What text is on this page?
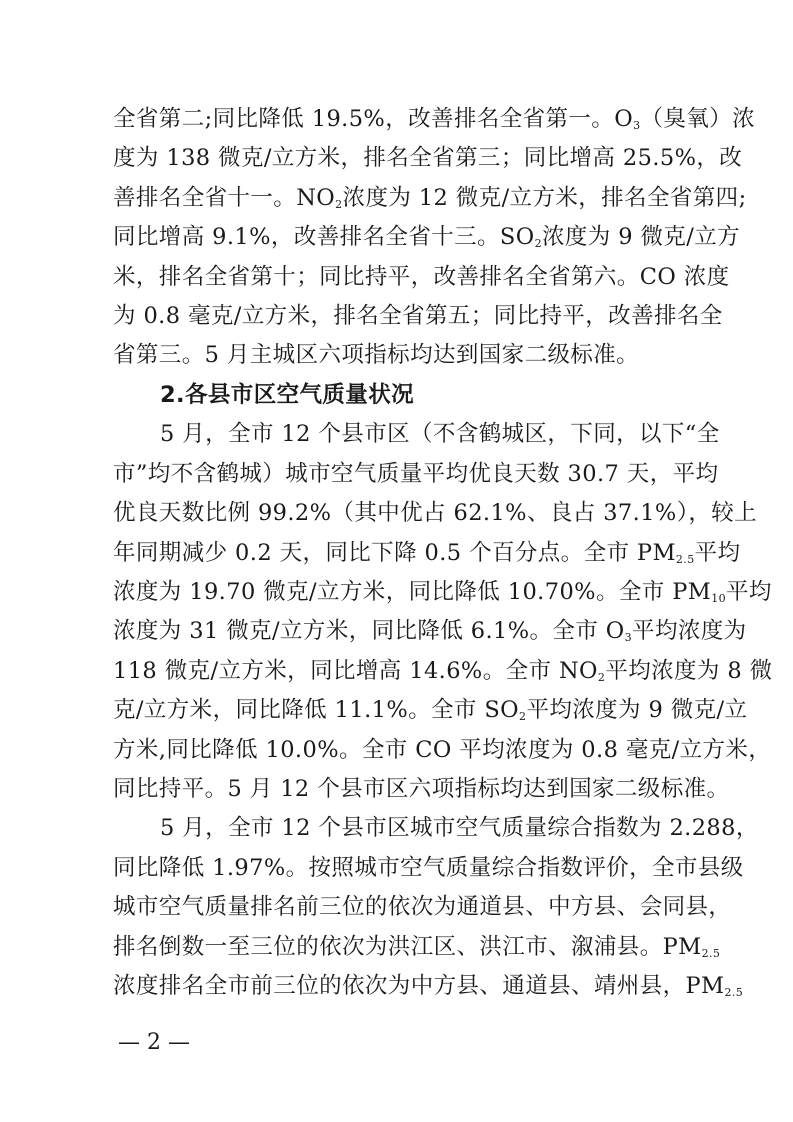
全省第二;同比降低 19.5%，改善排名全省第一。$O_3$（臭氧）浓
度为 138 微克/立方米，排名全省第三；同比增高 25.5%，改
善排名全省十一。$NO_2$浓度为 12 微克/立方米，排名全省第四;
同比增高 9.1%，改善排名全省十三。$SO_2$浓度为 9 微克/立方
米，排名全省第十；同比持平，改善排名全省第六。CO 浓度
为 0.8 毫克/立方米，排名全省第五；同比持平，改善排名全
省第三。5 月主城区六项指标均达到国家二级标准。
2.各县市区空气质量状况
5 月，全市 12 个县市区（不含鹤城区，下同，以下“全
市”均不含鹤城）城市空气质量平均优良天数 30.7 天，平均
优良天数比例 99.2%（其中优占 62.1%、良占 37.1%），较上
年同期减少 0.2 天，同比下降 0.5 个百分点。全市 $PM_{2.5}$平均
浓度为 19.70 微克/立方米，同比降低 10.70%。全市 $PM_{10}$平均
浓度为 31 微克/立方米，同比降低 6.1%。全市 $O_3$平均浓度为
118 微克/立方米，同比增高 14.6%。全市 $NO_2$平均浓度为 8 微
克/立方米，同比降低 11.1%。全市 $SO_2$平均浓度为 9 微克/立
方米,同比降低 10.0%。全市 CO 平均浓度为 0.8 毫克/立方米，
同比持平。5 月 12 个县市区六项指标均达到国家二级标准。
5 月，全市 12 个县市区城市空气质量综合指数为 2.288，
同比降低 1.97%。按照城市空气质量综合指数评价，全市县级
城市空气质量排名前三位的依次为通道县、中方县、会同县，
排名倒数一至三位的依次为洪江区、洪江市、溆浦县。$PM_{2.5}$
浓度排名全市前三位的依次为中方县、通道县、靖州县，$PM_{2.5}$
— 2 —
